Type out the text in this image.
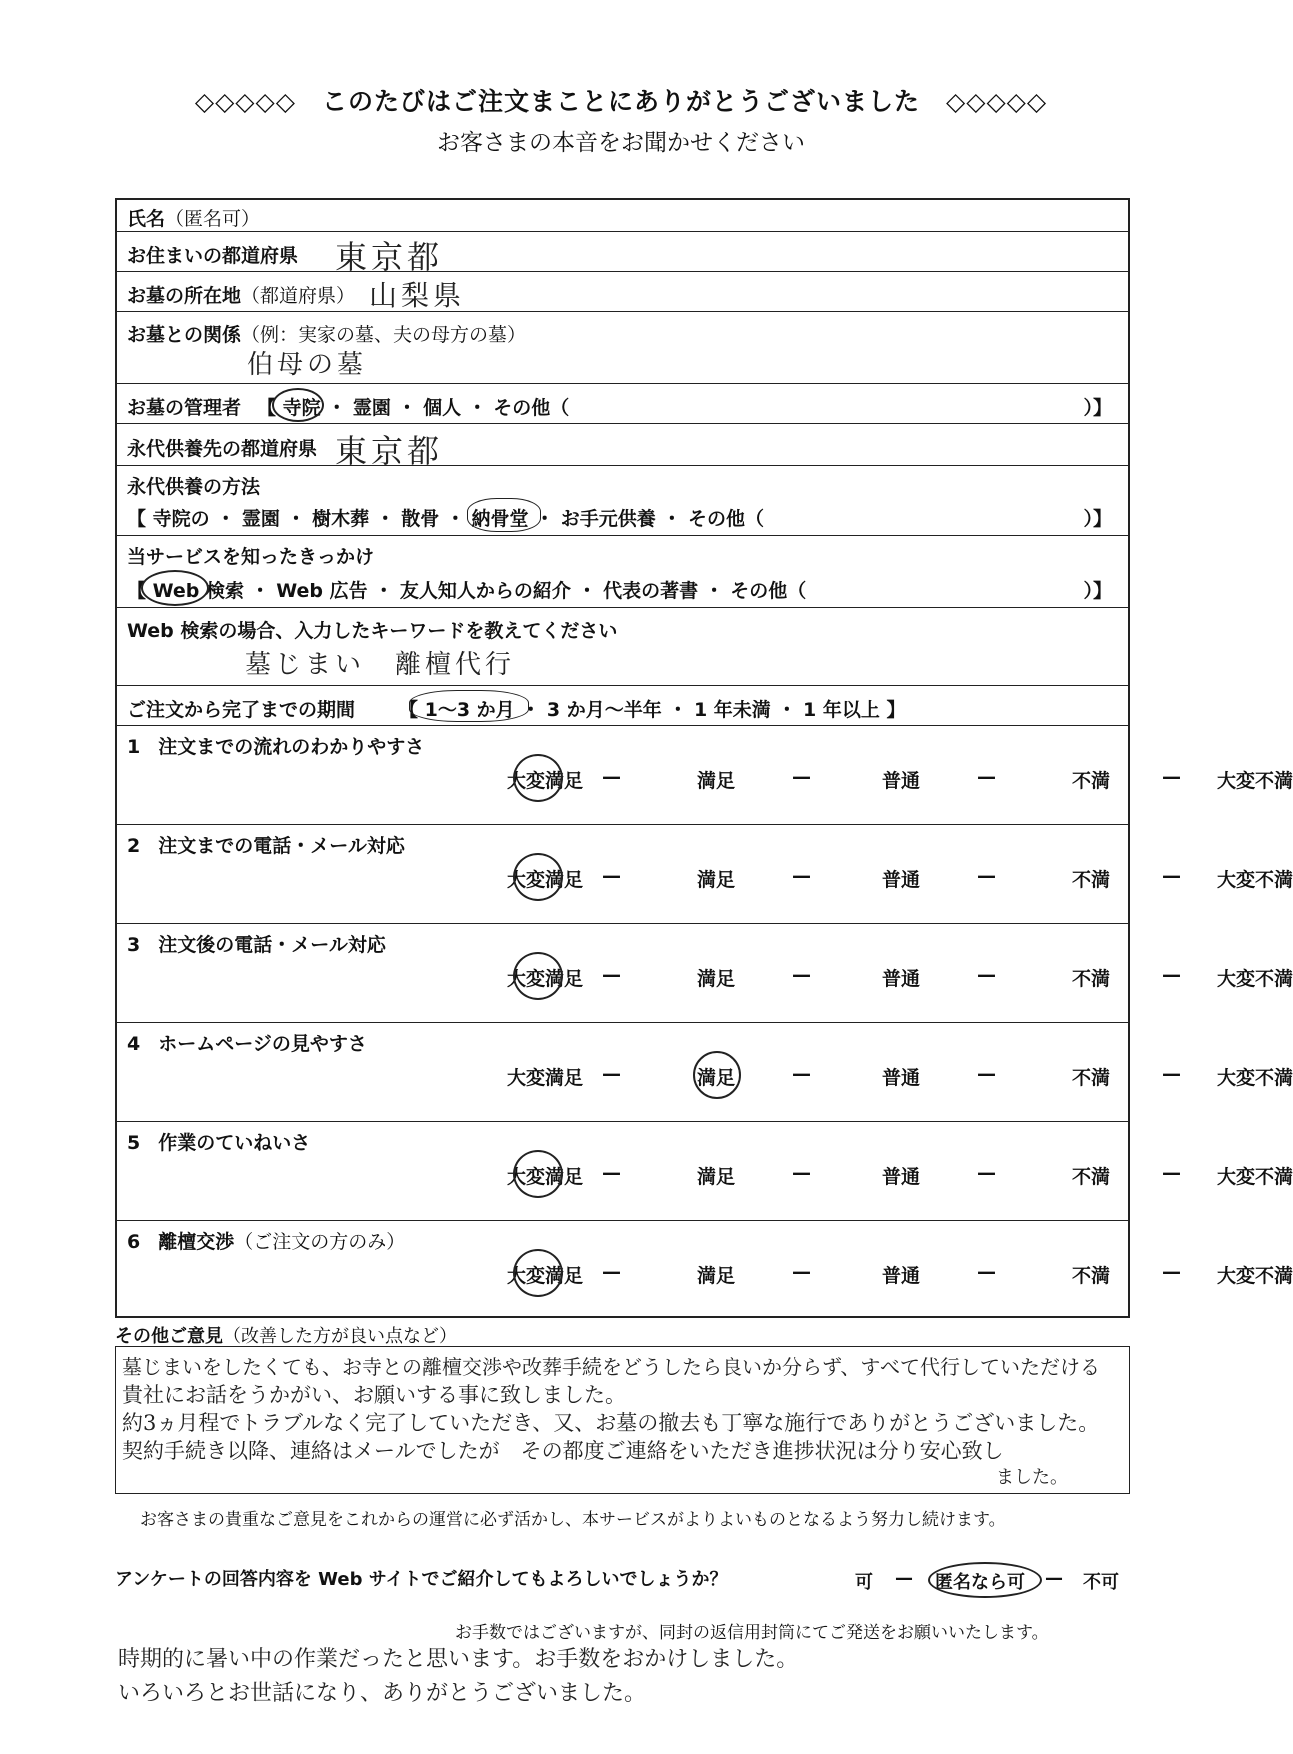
◇◇◇◇◇　このたびはご注文まことにありがとうございました　◇◇◇◇◇
お客さまの本音をお聞かせください
氏名（匿名可）
お住まいの都道府県 東京都
お墓の所在地（都道府県） 山梨県
お墓との関係（例：実家の墓、夫の母方の墓）
伯母の墓
お墓の管理者 【 寺院 ・ 霊園 ・ 個人 ・ その他（	）】
永代供養先の都道府県 東京都
永代供養の方法
【 寺院の ・ 霊園 ・ 樹木葬 ・ 散骨 ・ 納骨堂 ・ お手元供養 ・ その他（	）】
当サービスを知ったきっかけ
【 Web 検索 ・ Web 広告 ・ 友人知人からの紹介 ・ 代表の著書 ・ その他（	）】
Web 検索の場合、入力したキーワードを教えてください
墓じまい　離檀代行
ご注文から完了までの期間 【 1〜3 か月 ・ 3 か月〜半年 ・ 1 年未満 ・ 1 年以上 】
1 注文までの流れのわかりやすさ
大変満足 —	満足	—	普通	—	不満	— 大変不満
2 注文までの電話・メール対応
大変満足 —	満足	—	普通	—	不満	— 大変不満
3 注文後の電話・メール対応
大変満足 —	満足	—	普通	—	不満	— 大変不満
4 ホームページの見やすさ
大変満足 —	満足	—	普通	—	不満	— 大変不満
5 作業のていねいさ
大変満足 —	満足	—	普通	—	不満	— 大変不満
6 離檀交渉（ご注文の方のみ）
大変満足 —	満足	—	普通	—	不満	— 大変不満
その他ご意見（改善した方が良い点など）
墓じまいをしたくても、お寺との離檀交渉や改葬手続をどうしたら良いか分らず、すべて代行していただける
貴社にお話をうかがい、お願いする事に致しました。
約3ヵ月程でトラブルなく完了していただき、又、お墓の撤去も丁寧な施行でありがとうございました。
契約手続き以降、連絡はメールでしたが　その都度ご連絡をいただき進捗状況は分り安心致し
ました。
お客さまの貴重なご意見をこれからの運営に必ず活かし、本サービスがよりよいものとなるよう努力し続けます。
アンケートの回答内容を Web サイトでご紹介してもよろしいでしょうか？	可 — 匿名なら可 — 不可
お手数ではございますが、同封の返信用封筒にてご発送をお願いいたします。
時期的に暑い中の作業だったと思います。お手数をおかけしました。
いろいろとお世話になり、ありがとうございました。
